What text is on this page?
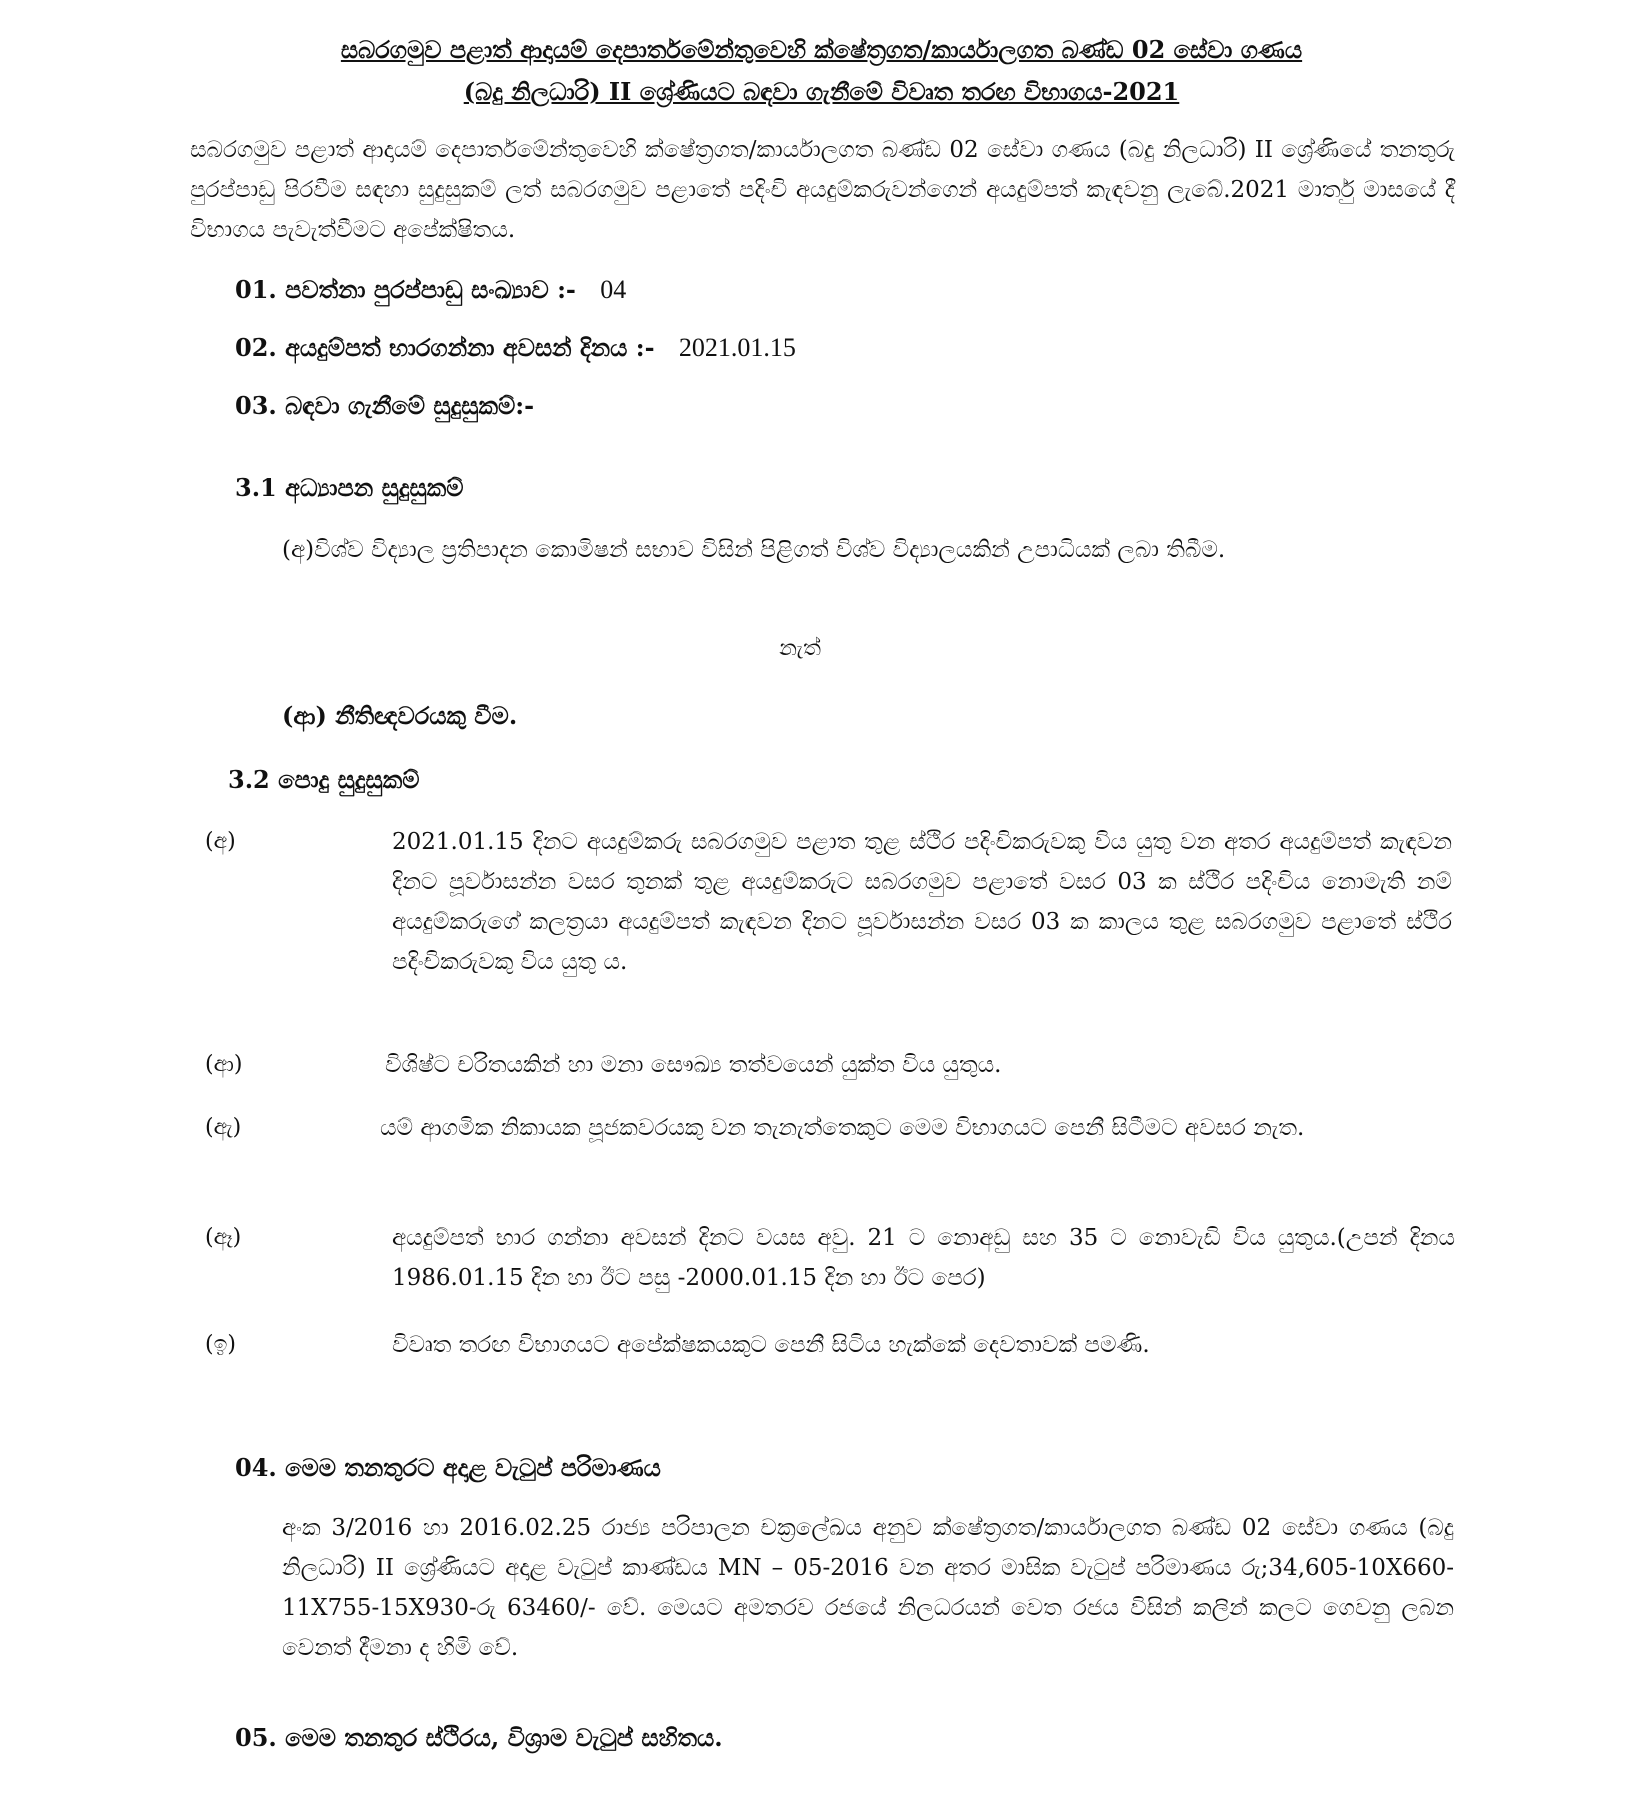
සබරගමුව පළාත් ආදායම් දෙපාර්තමේන්තුවෙහි ක්ෂේත්‍රගත/කාර්යාලගත බණ්ඩ 02 සේවා ගණය
(බදු නිලධාරි) II ශ්‍රේණියට බඳවා ගැනීමේ විවෘත තරඟ විභාගය-2021
සබරගමුව පළාත් ආදායම් දෙපාර්තමේන්තුවෙහි ක්ෂේත්‍රගත/කාර්යාලගත බණ්ඩ 02 සේවා ගණය (බදු නිලධාරි) II ශ්‍රේණියේ තනතුරු පුරප්පාඩු පිරවීම සඳහා සුදුසුකම් ලත් සබරගමුව පළාතේ පදිංචි අයදුම්කරුවන්ගෙන් අයදුම්පත් කැඳවනු ලැබේ.2021 මාර්තු මාසයේ දී විභාගය පැවැත්වීමට අපේක්ෂිතය.
01. පවත්නා පුරප්පාඩු සංඛ්‍යාව :- 04
02. අයදුම්පත් භාරගන්නා අවසන් දිනය :- 2021.01.15
03. බඳවා ගැනීමේ සුදුසුකම්:-
3.1 අධ්‍යාපන සුදුසුකම්
(අ)විශ්ව විද්‍යාල ප්‍රතිපාදන කොමිෂන් සභාව විසින් පිළිගත් විශ්ව විද්‍යාලයකින් උපාධියක් ලබා තිබීම.
නැත්
(ආ) නීතිඥවරයකු වීම.
3.2 පොදු සුදුසුකම්
(අ)	2021.01.15 දිනට අයදුම්කරු සබරගමුව පළාත තුළ ස්ථිර පදිංචිකරුවකු විය යුතු වන අතර අයදුම්පත් කැඳවන දිනට පූර්වාසන්න වසර තුනක් තුළ අයදුම්කරුට සබරගමුව පළාතේ වසර 03 ක ස්ථිර පදිංචිය නොමැති නම් අයදුම්කරුගේ කලත්‍රයා අයදුම්පත් කැඳවන දිනට පූර්වාසන්න වසර 03 ක කාලය තුළ සබරගමුව පළාතේ ස්ථිර පදිංචිකරුවකු විය යුතු ය.
(ආ)	විශිෂ්ට චරිතයකින් හා මනා සෞඛ්‍ය තත්වයෙන් යුක්ත විය යුතුය.
(ඇ)	යම් ආගමික නිකායක පූජකවරයකු වන තැනැත්තෙකුට මෙම විභාගයට පෙනී සිටීමට අවසර නැත.
(ඈ)	අයදුම්පත් භාර ගන්නා අවසන් දිනට වයස අවු. 21 ට නොඅඩු සහ 35 ට නොවැඩි විය යුතුය.(උපන් දිනය 1986.01.15 දින හා ඊට පසු -2000.01.15 දින හා ඊට පෙර)
(ඉ)	විවෘත තරඟ විභාගයට අපේක්ෂකයකුට පෙනී සිටිය හැක්කේ දෙවතාවක් පමණි.
04. මෙම තනතුරට අදාළ වැටුප් පරිමාණය
අංක 3/2016 හා 2016.02.25 රාජ්‍ය පරිපාලන චක්‍රලේඛය අනුව ක්ෂේත්‍රගත/කාර්යාලගත බණ්ඩ 02 සේවා ගණය (බදු නිලධාරි) II ශ්‍රේණියට අදාළ වැටුප් කාණ්ඩය MN – 05-2016 වන අතර මාසික වැටුප් පරිමාණය රු;34,605-10X660-11X755-15X930-රු 63460/- වේ. මෙයට අමතරව රජයේ නිලධරයන් වෙත රජය විසින් කලින් කලට ගෙවනු ලබන වෙනත් දීමනා ද හිමි වේ.
05. මෙම තනතුර ස්ථිරය, විශ්‍රාම වැටුප් සහිතය.
